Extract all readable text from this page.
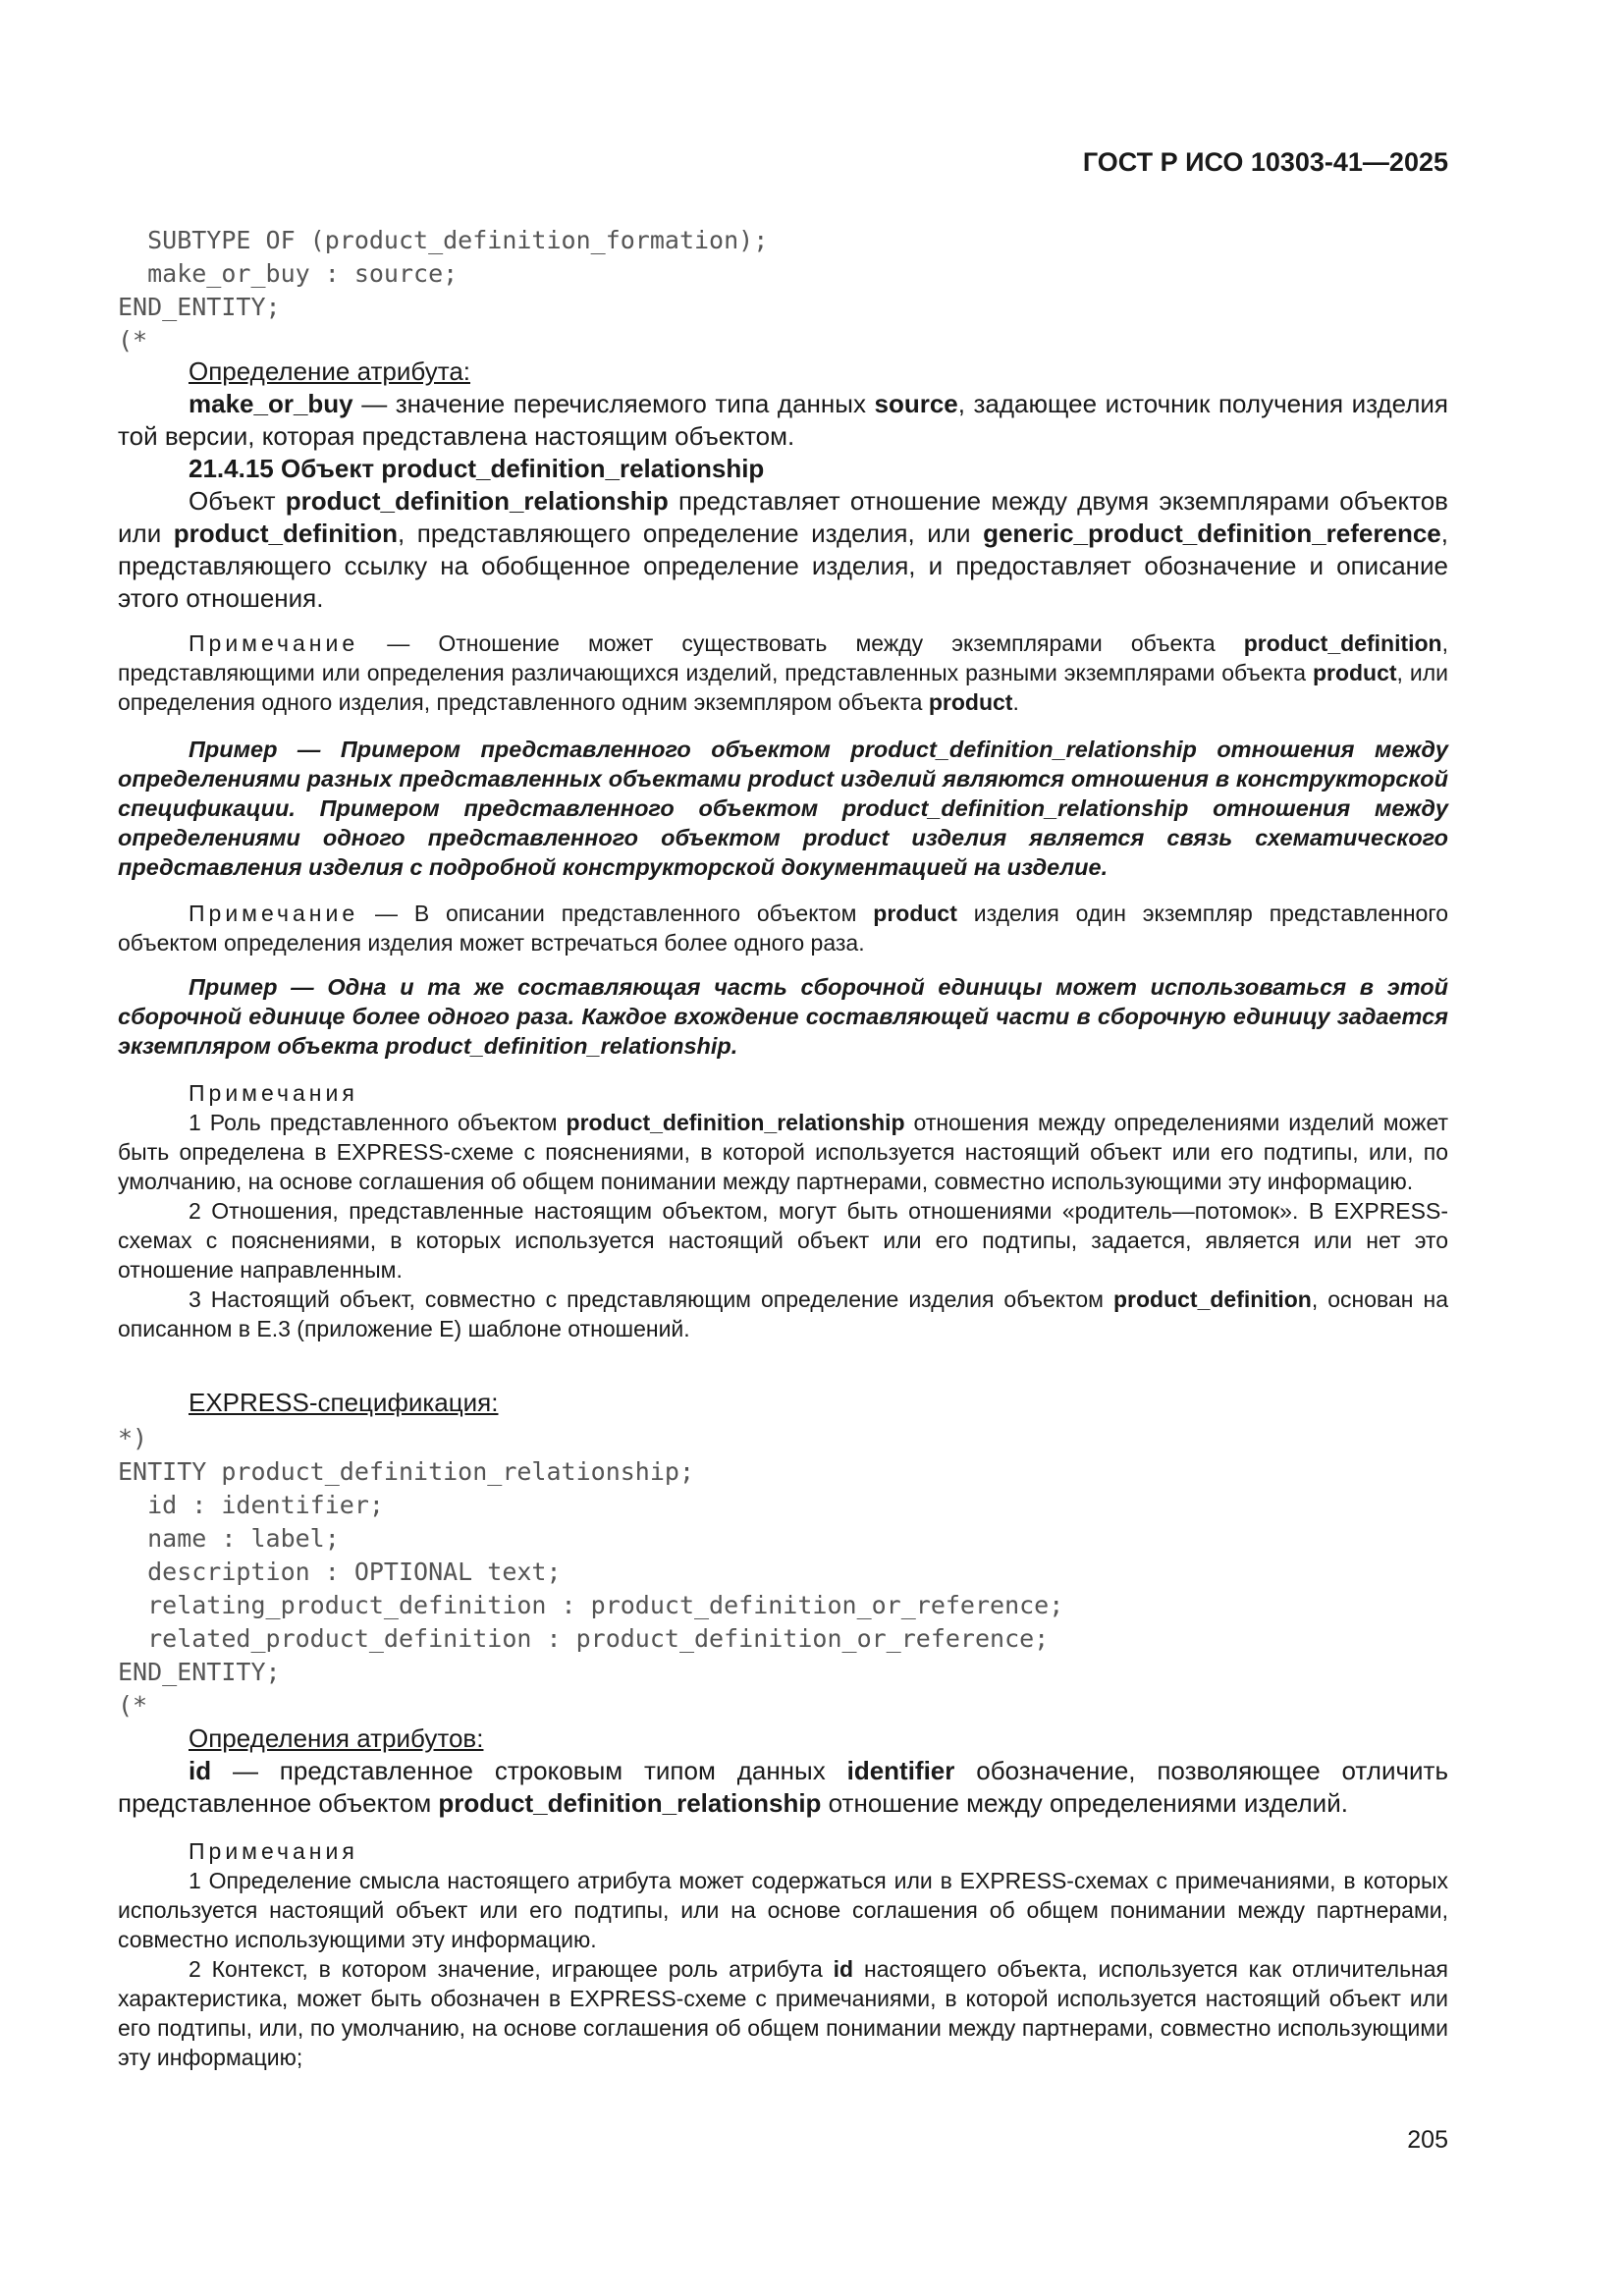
ГОСТ Р ИСО 10303-41—2025
SUBTYPE OF (product_definition_formation);
make_or_buy : source;
END_ENTITY;
(*

Определение атрибута:

make_or_buy — значение перечисляемого типа данных source, задающее источник получения изделия той версии, которая представлена настоящим объектом.

21.4.15 Объект product_definition_relationship

Объект product_definition_relationship представляет отношение между двумя экземплярами объектов или product_definition, представляющего определение изделия, или generic_product_definition_reference, представляющего ссылку на обобщенное определение изделия, и предоставляет обозначение и описание этого отношения.

Примечание — Отношение может существовать между экземплярами объекта product_definition, представляющими или определения различающихся изделий, представленных разными экземплярами объекта product, или определения одного изделия, представленного одним экземпляром объекта product.

Пример — Примером представленного объектом product_definition_relationship отношения между определениями разных представленных объектами product изделий являются отношения в конструкторской спецификации. Примером представленного объектом product_definition_relationship отношения между определениями одного представленного объектом product изделия является связь схематического представления изделия с подробной конструкторской документацией на изделие.

Примечание — В описании представленного объектом product изделия один экземпляр представленного объектом определения изделия может встречаться более одного раза.

Пример — Одна и та же составляющая часть сборочной единицы может использоваться в этой сборочной единице более одного раза. Каждое вхождение составляющей части в сборочную единицу задается экземпляром объекта product_definition_relationship.

Примечания

1 Роль представленного объектом product_definition_relationship отношения между определениями изделий может быть определена в EXPRESS-схеме с пояснениями, в которой используется настоящий объект или его подтипы, или, по умолчанию, на основе соглашения об общем понимании между партнерами, совместно использующими эту информацию.

2 Отношения, представленные настоящим объектом, могут быть отношениями «родитель—потомок». В EXPRESS-схемах с пояснениями, в которых используется настоящий объект или его подтипы, задается, является или нет это отношение направленным.

3 Настоящий объект, совместно с представляющим определение изделия объектом product_definition, основан на описанном в Е.3 (приложение Е) шаблоне отношений.

EXPRESS-спецификация:

*)
ENTITY product_definition_relationship;
id : identifier;
name : label;
description : OPTIONAL text;
relating_product_definition : product_definition_or_reference;
related_product_definition : product_definition_or_reference;
END_ENTITY;
(*

Определения атрибутов:

id — представленное строковым типом данных identifier обозначение, позволяющее отличить представленное объектом product_definition_relationship отношение между определениями изделий.

Примечания

1 Определение смысла настоящего атрибута может содержаться или в EXPRESS-схемах с примечаниями, в которых используется настоящий объект или его подтипы, или на основе соглашения об общем понимании между партнерами, совместно использующими эту информацию.

2 Контекст, в котором значение, играющее роль атрибута id настоящего объекта, используется как отличительная характеристика, может быть обозначен в EXPRESS-схеме с примечаниями, в которой используется настоящий объект или его подтипы, или, по умолчанию, на основе соглашения об общем понимании между партнерами, совместно использующими эту информацию;

205
